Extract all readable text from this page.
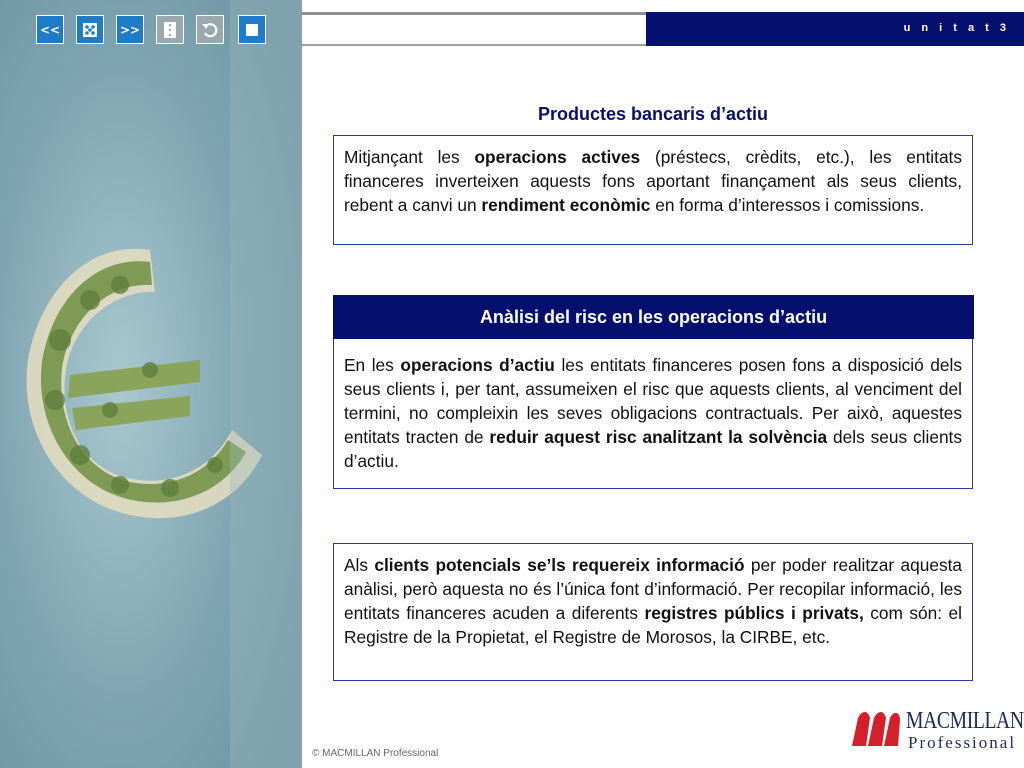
<<	>>	u n i t a t 3
Productes bancaris d’actiu
Mitjançant les operacions actives (préstecs, crèdits, etc.), les entitats financeres inverteixen aquests fons aportant finançament als seus clients, rebent a canvi un rendiment econòmic en forma d’interessos i comissions.
Anàlisi del risc en les operacions d’actiu
En les operacions d’actiu les entitats financeres posen fons a disposició dels seus clients i, per tant, assumeixen el risc que aquests clients, al venciment del termini, no compleixin les seves obligacions contractuals. Per això, aquestes entitats tracten de reduir aquest risc analitzant la solvència dels seus clients d’actiu.
Als clients potencials se’ls requereix informació per poder realitzar aquesta anàlisi, però aquesta no és l’única font d’informació. Per recopilar informació, les entitats financeres acuden a diferents registres públics i privats, com són: el Registre de la Propietat, el Registre de Morosos, la CIRBE, etc.
© MACMILLAN Professional
MACMILLAN
Professional
